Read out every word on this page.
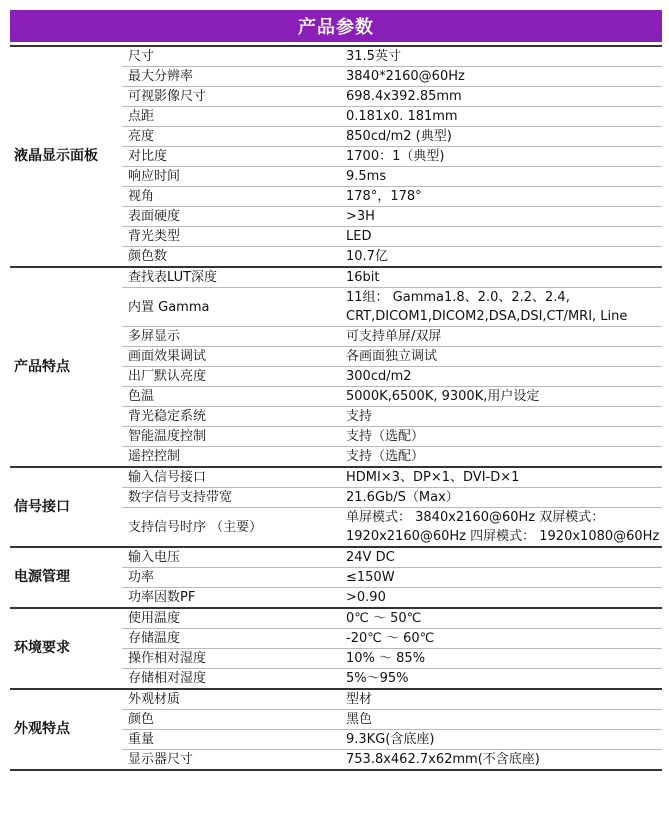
产品参数
液晶显示面板	尺寸	31.5英寸
	最大分辨率	3840*2160@60Hz
	可视影像尺寸	698.4x392.85mm
	点距	0.181x0. 181mm
	亮度	850cd/m2 (典型)
	对比度	1700：1（典型)
	响应时间	9.5ms
	视角	178°，178°
	表面硬度	>3H
	背光类型	LED
	颜色数	10.7亿
产品特点	查找表LUT深度	16bit
	内置 Gamma	11组： Gamma1.8、2.0、2.2、2.4, CRT,DICOM1,DICOM2,DSA,DSI,CT/MRI, Line
	多屏显示	可支持单屏/双屏
	画面效果调试	各画面独立调试
	出厂默认亮度	300cd/m2
	色温	5000K,6500K, 9300K,用户设定
	背光稳定系统	支持
	智能温度控制	支持（选配）
	遥控控制	支持（选配）
信号接口	输入信号接口	HDMI×3、DP×1、DVI-D×1
	数字信号支持带宽	21.6Gb/S（Max）
	支持信号时序 （主要）	单屏模式： 3840x2160@60Hz 双屏模式： 1920x2160@60Hz 四屏模式： 1920x1080@60Hz
电源管理	输入电压	24V DC
	功率	≤150W
	功率因数PF	>0.90
环境要求	使用温度	0℃ ～ 50℃
	存储温度	-20℃ ～ 60℃
	操作相对湿度	10% ～ 85%
	存储相对湿度	5%～95%
外观特点	外观材质	型材
	颜色	黑色
	重量	9.3KG(含底座)
	显示器尺寸	753.8x462.7x62mm(不含底座)
